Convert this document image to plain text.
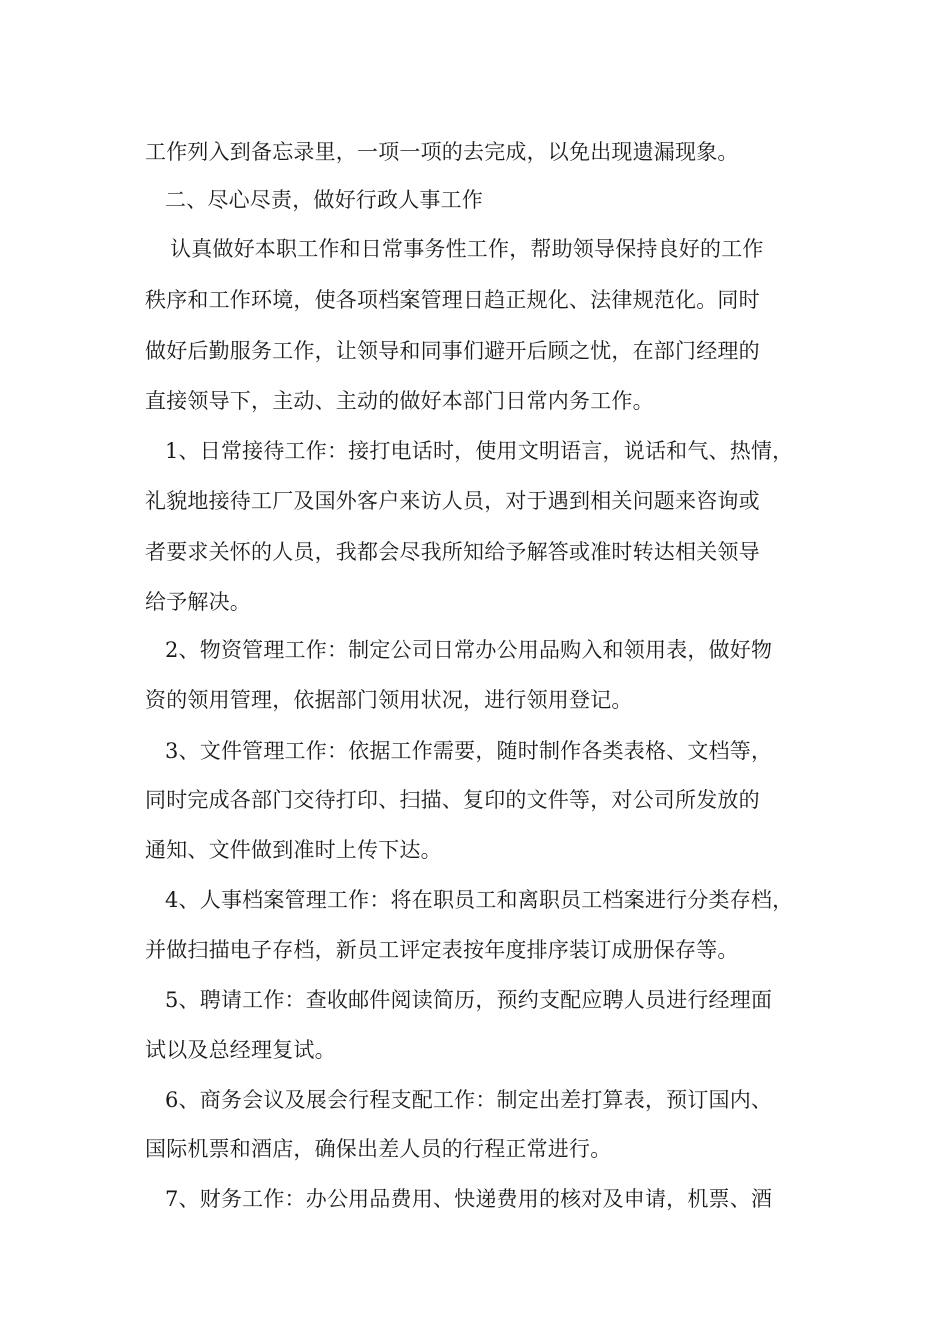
工作列入到备忘录里，一项一项的去完成，以免出现遗漏现象。
二、尽心尽责，做好行政人事工作
认真做好本职工作和日常事务性工作，帮助领导保持良好的工作
秩序和工作环境，使各项档案管理日趋正规化、法律规范化。同时
做好后勤服务工作，让领导和同事们避开后顾之忧，在部门经理的
直接领导下，主动、主动的做好本部门日常内务工作。
1、日常接待工作：接打电话时，使用文明语言，说话和气、热情，
礼貌地接待工厂及国外客户来访人员，对于遇到相关问题来咨询或
者要求关怀的人员，我都会尽我所知给予解答或准时转达相关领导
给予解决。
2、物资管理工作：制定公司日常办公用品购入和领用表，做好物
资的领用管理，依据部门领用状况，进行领用登记。
3、文件管理工作：依据工作需要，随时制作各类表格、文档等，
同时完成各部门交待打印、扫描、复印的文件等，对公司所发放的
通知、文件做到准时上传下达。
4、人事档案管理工作：将在职员工和离职员工档案进行分类存档，
并做扫描电子存档，新员工评定表按年度排序装订成册保存等。
5、聘请工作：查收邮件阅读简历，预约支配应聘人员进行经理面
试以及总经理复试。
6、商务会议及展会行程支配工作：制定出差打算表，预订国内、
国际机票和酒店，确保出差人员的行程正常进行。
7、财务工作：办公用品费用、快递费用的核对及申请，机票、酒
